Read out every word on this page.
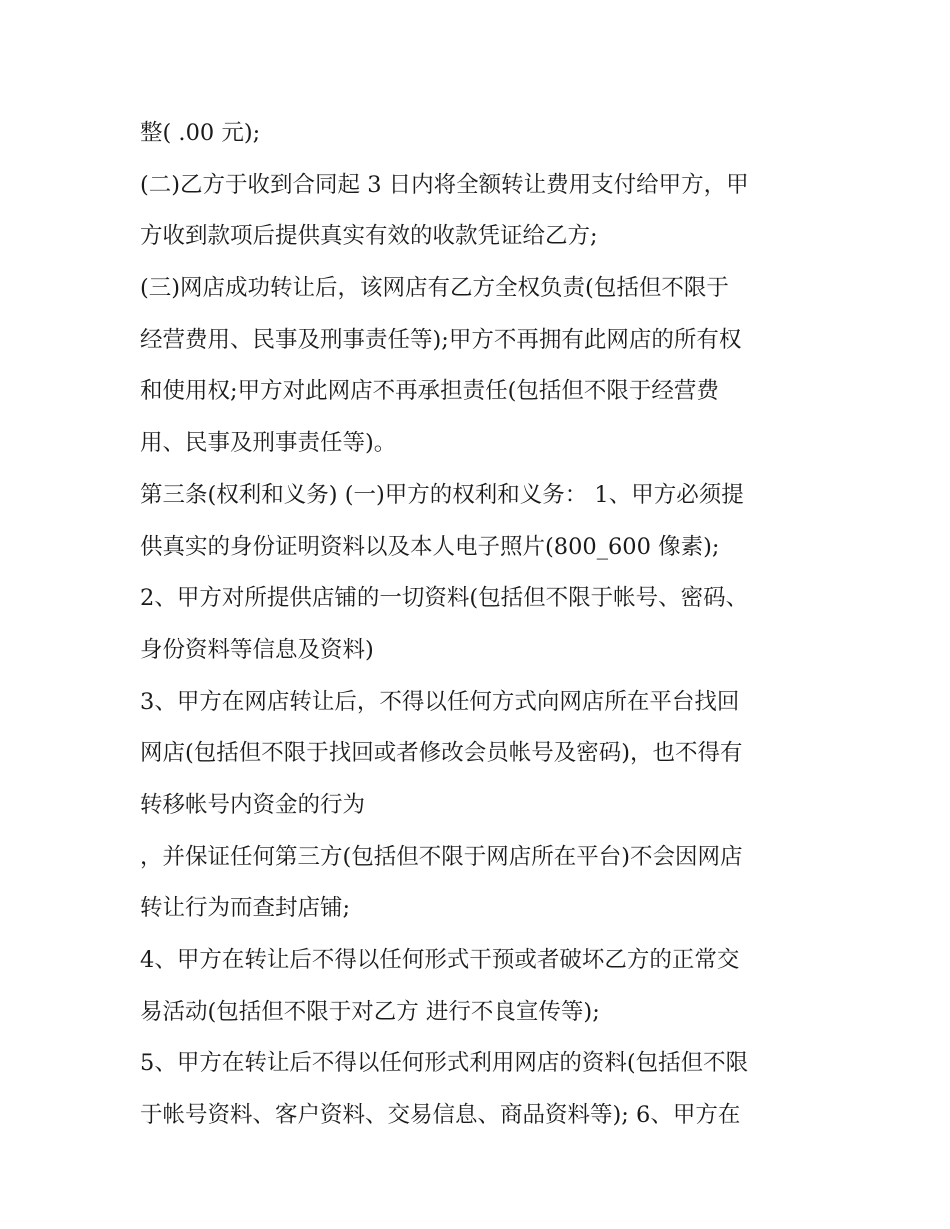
整( .00 元);
(二)乙方于收到合同起 3 日内将全额转让费用支付给甲方，甲
方收到款项后提供真实有效的收款凭证给乙方;
(三)网店成功转让后，该网店有乙方全权负责(包括但不限于
经营费用、民事及刑事责任等);甲方不再拥有此网店的所有权
和使用权;甲方对此网店不再承担责任(包括但不限于经营费
用、民事及刑事责任等)。
第三条(权利和义务) (一)甲方的权利和义务： 1、甲方必须提
供真实的身份证明资料以及本人电子照片(800_600 像素);
2、甲方对所提供店铺的一切资料(包括但不限于帐号、密码、
身份资料等信息及资料)
3、甲方在网店转让后，不得以任何方式向网店所在平台找回
网店(包括但不限于找回或者修改会员帐号及密码)，也不得有
转移帐号内资金的行为
，并保证任何第三方(包括但不限于网店所在平台)不会因网店
转让行为而查封店铺;
4、甲方在转让后不得以任何形式干预或者破坏乙方的正常交
易活动(包括但不限于对乙方 进行不良宣传等);
5、甲方在转让后不得以任何形式利用网店的资料(包括但不限
于帐号资料、客户资料、交易信息、商品资料等); 6、甲方在
